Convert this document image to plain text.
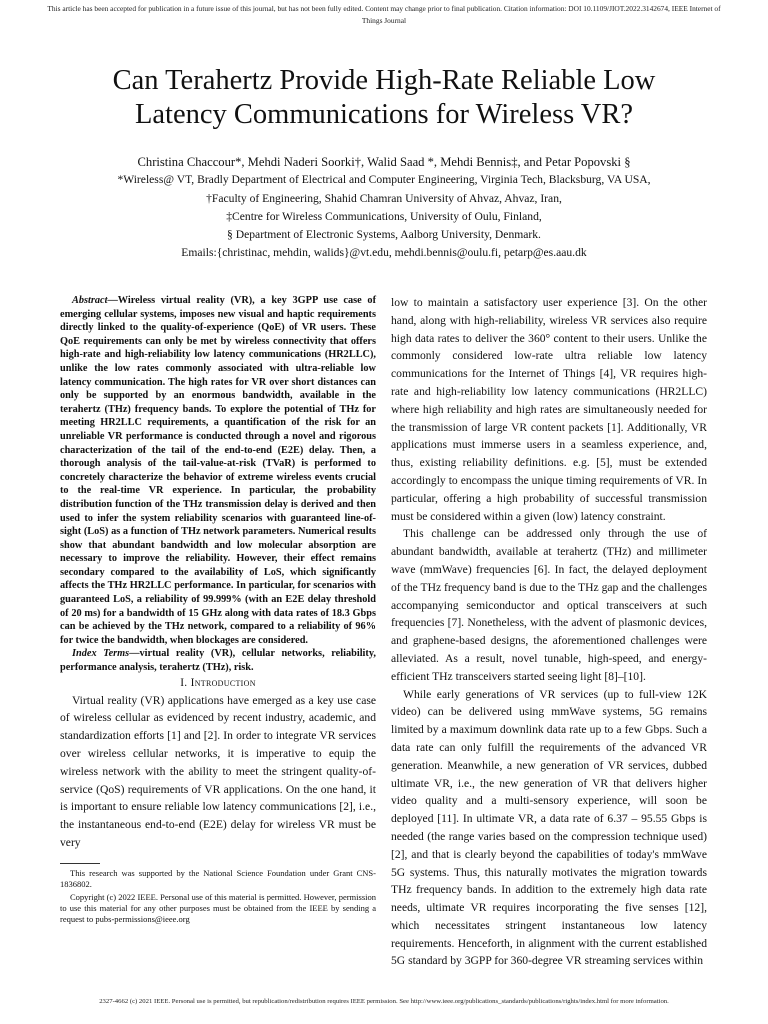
This article has been accepted for publication in a future issue of this journal, but has not been fully edited. Content may change prior to final publication. Citation information: DOI 10.1109/JIOT.2022.3142674, IEEE Internet of
Things Journal
Can Terahertz Provide High-Rate Reliable Low
Latency Communications for Wireless VR?
Christina Chaccour*, Mehdi Naderi Soorki†, Walid Saad *, Mehdi Bennis‡, and Petar Popovski §
*Wireless@ VT, Bradly Department of Electrical and Computer Engineering, Virginia Tech, Blacksburg, VA USA,
†Faculty of Engineering, Shahid Chamran University of Ahvaz, Ahvaz, Iran,
‡Centre for Wireless Communications, University of Oulu, Finland,
§ Department of Electronic Systems, Aalborg University, Denmark.
Emails:{christinac, mehdin, walids}@vt.edu, mehdi.bennis@oulu.fi, petarp@es.aau.dk

Abstract—Wireless virtual reality (VR), a key 3GPP use case of emerging cellular systems, imposes new visual and haptic requirements directly linked to the quality-of-experience (QoE) of VR users. These QoE requirements can only be met by wireless connectivity that offers high-rate and high-reliability low latency communications (HR2LLC), unlike the low rates commonly associated with ultra-reliable low latency communication. The high rates for VR over short distances can only be supported by an enormous bandwidth, available in the terahertz (THz) frequency bands. To explore the potential of THz for meeting HR2LLC requirements, a quantification of the risk for an unreliable VR performance is conducted through a novel and rigorous characterization of the tail of the end-to-end (E2E) delay. Then, a thorough analysis of the tail-value-at-risk (TVaR) is performed to concretely characterize the behavior of extreme wireless events crucial to the real-time VR experience. In particular, the probability distribution function of the THz transmission delay is derived and then used to infer the system reliability scenarios with guaranteed line-of-sight (LoS) as a function of THz network parameters. Numerical results show that abundant bandwidth and low molecular absorption are necessary to improve the reliability. However, their effect remains secondary compared to the availability of LoS, which significantly affects the THz HR2LLC performance. In particular, for scenarios with guaranteed LoS, a reliability of 99.999% (with an E2E delay threshold of 20 ms) for a bandwidth of 15 GHz along with data rates of 18.3 Gbps can be achieved by the THz network, compared to a reliability of 96% for twice the bandwidth, when blockages are considered.

Index Terms—virtual reality (VR), cellular networks, reliability, performance analysis, terahertz (THz), risk.

I. Introduction

Virtual reality (VR) applications have emerged as a key use case of wireless cellular as evidenced by recent industry, academic, and standardization efforts [1] and [2]. In order to integrate VR services over wireless cellular networks, it is imperative to equip the wireless network with the ability to meet the stringent quality-of-service (QoS) requirements of VR applications. On the one hand, it is important to ensure reliable low latency communications [2], i.e., the instantaneous end-to-end (E2E) delay for wireless VR must be very

This research was supported by the National Science Foundation under Grant CNS-1836802.

Copyright (c) 2022 IEEE. Personal use of this material is permitted. However, permission to use this material for any other purposes must be obtained from the IEEE by sending a request to pubs-permissions@ieee.org

low to maintain a satisfactory user experience [3]. On the other hand, along with high-reliability, wireless VR services also require high data rates to deliver the 360° content to their users. Unlike the commonly considered low-rate ultra reliable low latency communications for the Internet of Things [4], VR requires high-rate and high-reliability low latency communications (HR2LLC) where high reliability and high rates are simultaneously needed for the transmission of large VR content packets [1]. Additionally, VR applications must immerse users in a seamless experience, and, thus, existing reliability definitions. e.g. [5], must be extended accordingly to encompass the unique timing requirements of VR. In particular, offering a high probability of successful transmission must be considered within a given (low) latency constraint.

This challenge can be addressed only through the use of abundant bandwidth, available at terahertz (THz) and millimeter wave (mmWave) frequencies [6]. In fact, the delayed deployment of the THz frequency band is due to the THz gap and the challenges accompanying semiconductor and optical transceivers at such frequencies [7]. Nonetheless, with the advent of plasmonic devices, and graphene-based designs, the aforementioned challenges were alleviated. As a result, novel tunable, high-speed, and energy-efficient THz transceivers started seeing light [8]–[10].

While early generations of VR services (up to full-view 12K video) can be delivered using mmWave systems, 5G remains limited by a maximum downlink data rate up to a few Gbps. Such a data rate can only fulfill the requirements of the advanced VR generation. Meanwhile, a new generation of VR services, dubbed ultimate VR, i.e., the new generation of VR that delivers higher video quality and a multi-sensory experience, will soon be deployed [11]. In ultimate VR, a data rate of 6.37 – 95.55 Gbps is needed (the range varies based on the compression technique used) [2], and that is clearly beyond the capabilities of today's mmWave 5G systems. Thus, this naturally motivates the migration towards THz frequency bands. In addition to the extremely high data rate needs, ultimate VR requires incorporating the five senses [12], which necessitates stringent instantaneous low latency requirements. Henceforth, in alignment with the current established 5G standard by 3GPP for 360-degree VR streaming services within

2327-4662 (c) 2021 IEEE. Personal use is permitted, but republication/redistribution requires IEEE permission. See http://www.ieee.org/publications_standards/publications/rights/index.html for more information.
